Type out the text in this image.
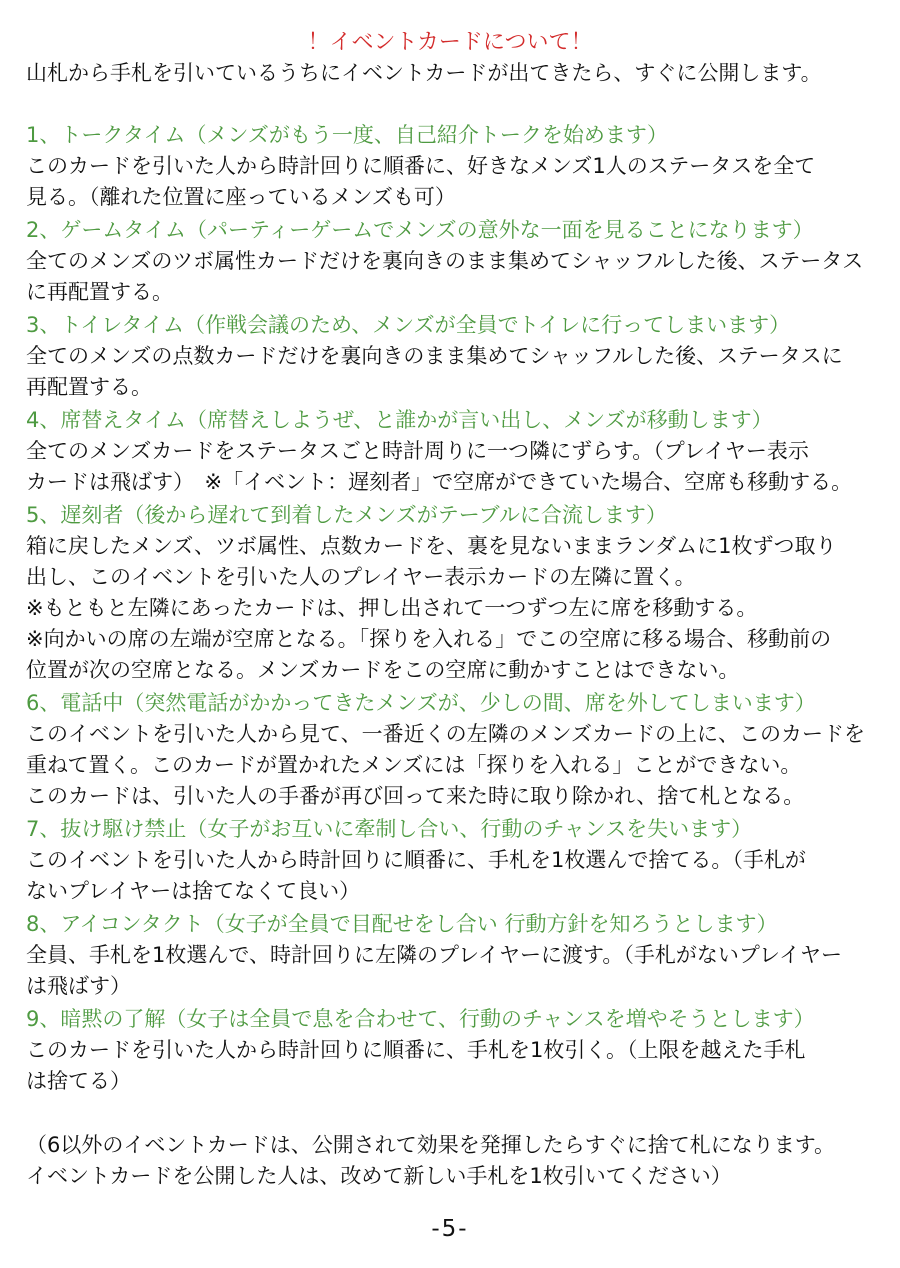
！イベントカードについて！
山札から手札を引いているうちにイベントカードが出てきたら、すぐに公開します。
1、トークタイム（メンズがもう一度、自己紹介トークを始めます）
このカードを引いた人から時計回りに順番に、好きなメンズ1人のステータスを全て
見る。（離れた位置に座っているメンズも可）
2、ゲームタイム（パーティーゲームでメンズの意外な一面を見ることになります）
全てのメンズのツボ属性カードだけを裏向きのまま集めてシャッフルした後、ステータス
に再配置する。
3、トイレタイム（作戦会議のため、メンズが全員でトイレに行ってしまいます）
全てのメンズの点数カードだけを裏向きのまま集めてシャッフルした後、ステータスに
再配置する。
4、席替えタイム（席替えしようぜ、と誰かが言い出し、メンズが移動します）
全てのメンズカードをステータスごと時計周りに一つ隣にずらす。（プレイヤー表示
カードは飛ばす）　※「イベント：遅刻者」で空席ができていた場合、空席も移動する。
5、遅刻者（後から遅れて到着したメンズがテーブルに合流します）
箱に戻したメンズ、ツボ属性、点数カードを、裏を見ないままランダムに1枚ずつ取り
出し、このイベントを引いた人のプレイヤー表示カードの左隣に置く。
※もともと左隣にあったカードは、押し出されて一つずつ左に席を移動する。
※向かいの席の左端が空席となる。「探りを入れる」でこの空席に移る場合、移動前の
位置が次の空席となる。メンズカードをこの空席に動かすことはできない。
6、電話中（突然電話がかかってきたメンズが、少しの間、席を外してしまいます）
このイベントを引いた人から見て、一番近くの左隣のメンズカードの上に、このカードを
重ねて置く。このカードが置かれたメンズには「探りを入れる」ことができない。
このカードは、引いた人の手番が再び回って来た時に取り除かれ、捨て札となる。
7、抜け駆け禁止（女子がお互いに牽制し合い、行動のチャンスを失います）
このイベントを引いた人から時計回りに順番に、手札を1枚選んで捨てる。（手札が
ないプレイヤーは捨てなくて良い）
8、アイコンタクト（女子が全員で目配せをし合い 行動方針を知ろうとします）
全員、手札を1枚選んで、時計回りに左隣のプレイヤーに渡す。（手札がないプレイヤー
は飛ばす）
9、暗黙の了解（女子は全員で息を合わせて、行動のチャンスを増やそうとします）
このカードを引いた人から時計回りに順番に、手札を1枚引く。（上限を越えた手札
は捨てる）
（6以外のイベントカードは、公開されて効果を発揮したらすぐに捨て札になります。
イベントカードを公開した人は、改めて新しい手札を1枚引いてください）
-5-
